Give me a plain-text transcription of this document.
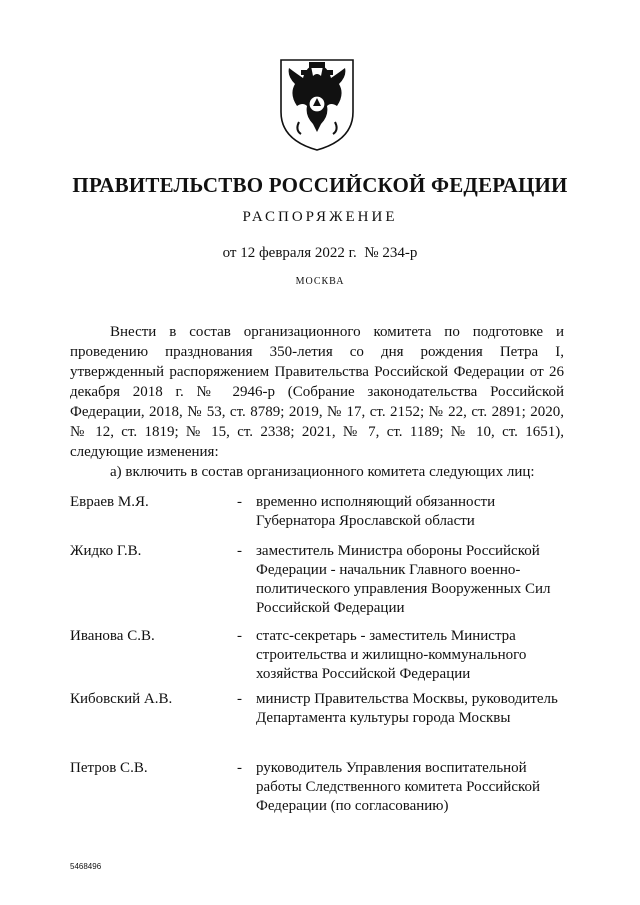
ПРАВИТЕЛЬСТВО РОССИЙСКОЙ ФЕДЕРАЦИИ
РАСПОРЯЖЕНИЕ
от 12 февраля 2022 г.  № 234-р
МОСКВА

Внести в состав организационного комитета по подготовке и проведению празднования 350-летия со дня рождения Петра I, утвержденный распоряжением Правительства Российской Федерации от 26 декабря 2018 г. № 2946-р (Собрание законодательства Российской Федерации, 2018, № 53, ст. 8789; 2019, № 17, ст. 2152; № 22, ст. 2891; 2020, № 12, ст. 1819; № 15, ст. 2338; 2021, № 7, ст. 1189; № 10, ст. 1651), следующие изменения:

а) включить в состав организационного комитета следующих лиц:

Евраев М.Я.	- временно исполняющий обязанности Губернатора Ярославской области
Жидко Г.В.	- заместитель Министра обороны Российской Федерации - начальник Главного военно-политического управления Вооруженных Сил Российской Федерации
Иванова С.В.	- статс-секретарь - заместитель Министра строительства и жилищно-коммунального хозяйства Российской Федерации
Кибовский А.В.	- министр Правительства Москвы, руководитель Департамента культуры города Москвы
Петров С.В.	- руководитель Управления воспитательной работы Следственного комитета Российской Федерации (по согласованию)
5468496
